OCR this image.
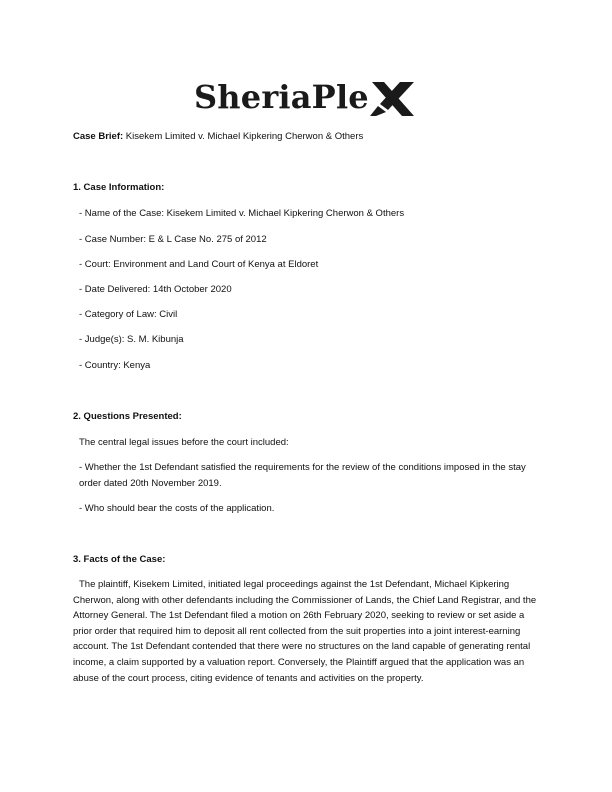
SheriaPle
Case Brief: Kisekem Limited v. Michael Kipkering Cherwon & Others
1. Case Information:
- Name of the Case: Kisekem Limited v. Michael Kipkering Cherwon & Others
- Case Number: E & L Case No. 275 of 2012
- Court: Environment and Land Court of Kenya at Eldoret
- Date Delivered: 14th October 2020
- Category of Law: Civil
- Judge(s): S. M. Kibunja
- Country: Kenya
2. Questions Presented:
The central legal issues before the court included:
- Whether the 1st Defendant satisfied the requirements for the review of the conditions imposed in the stay order dated 20th November 2019.
- Who should bear the costs of the application.
3. Facts of the Case:
The plaintiff, Kisekem Limited, initiated legal proceedings against the 1st Defendant, Michael Kipkering Cherwon, along with other defendants including the Commissioner of Lands, the Chief Land Registrar, and the Attorney General. The 1st Defendant filed a motion on 26th February 2020, seeking to review or set aside a prior order that required him to deposit all rent collected from the suit properties into a joint interest-earning account. The 1st Defendant contended that there were no structures on the land capable of generating rental income, a claim supported by a valuation report. Conversely, the Plaintiff argued that the application was an abuse of the court process, citing evidence of tenants and activities on the property.
